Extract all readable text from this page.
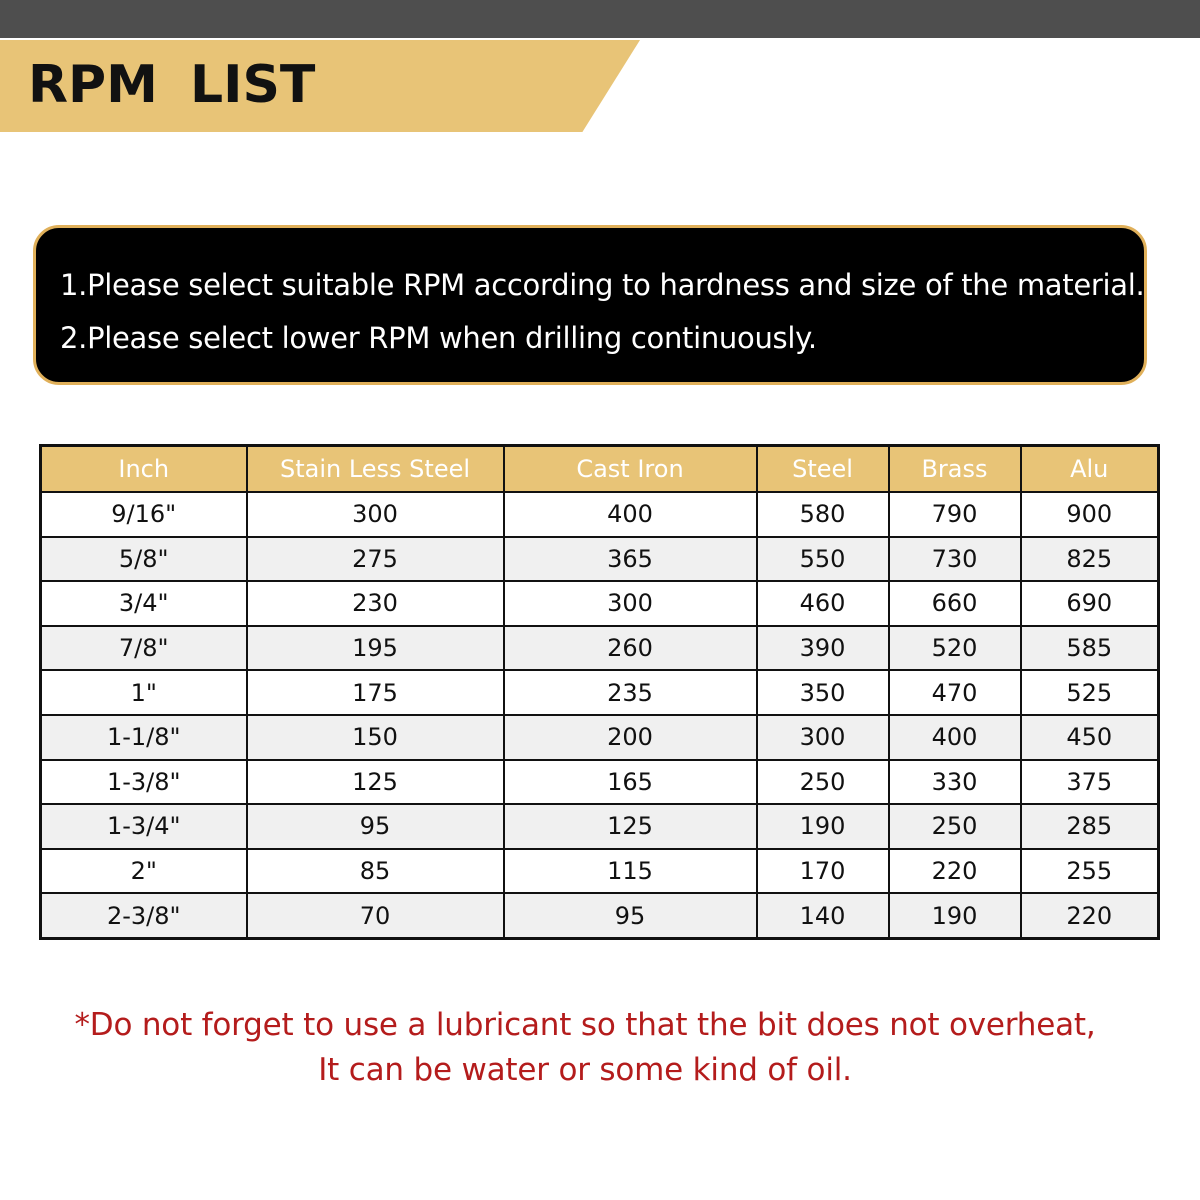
RPM LIST
1.Please select suitable RPM according to hardness and size of the material.
2.Please select lower RPM when drilling continuously.
Inch	Stain Less Steel	Cast Iron	Steel	Brass	Alu
9/16"	300	400	580	790	900
5/8"	275	365	550	730	825
3/4"	230	300	460	660	690
7/8"	195	260	390	520	585
1"	175	235	350	470	525
1-1/8"	150	200	300	400	450
1-3/8"	125	165	250	330	375
1-3/4"	95	125	190	250	285
2"	85	115	170	220	255
2-3/8"	70	95	140	190	220
*Do not forget to use a lubricant so that the bit does not overheat,
It can be water or some kind of oil.
